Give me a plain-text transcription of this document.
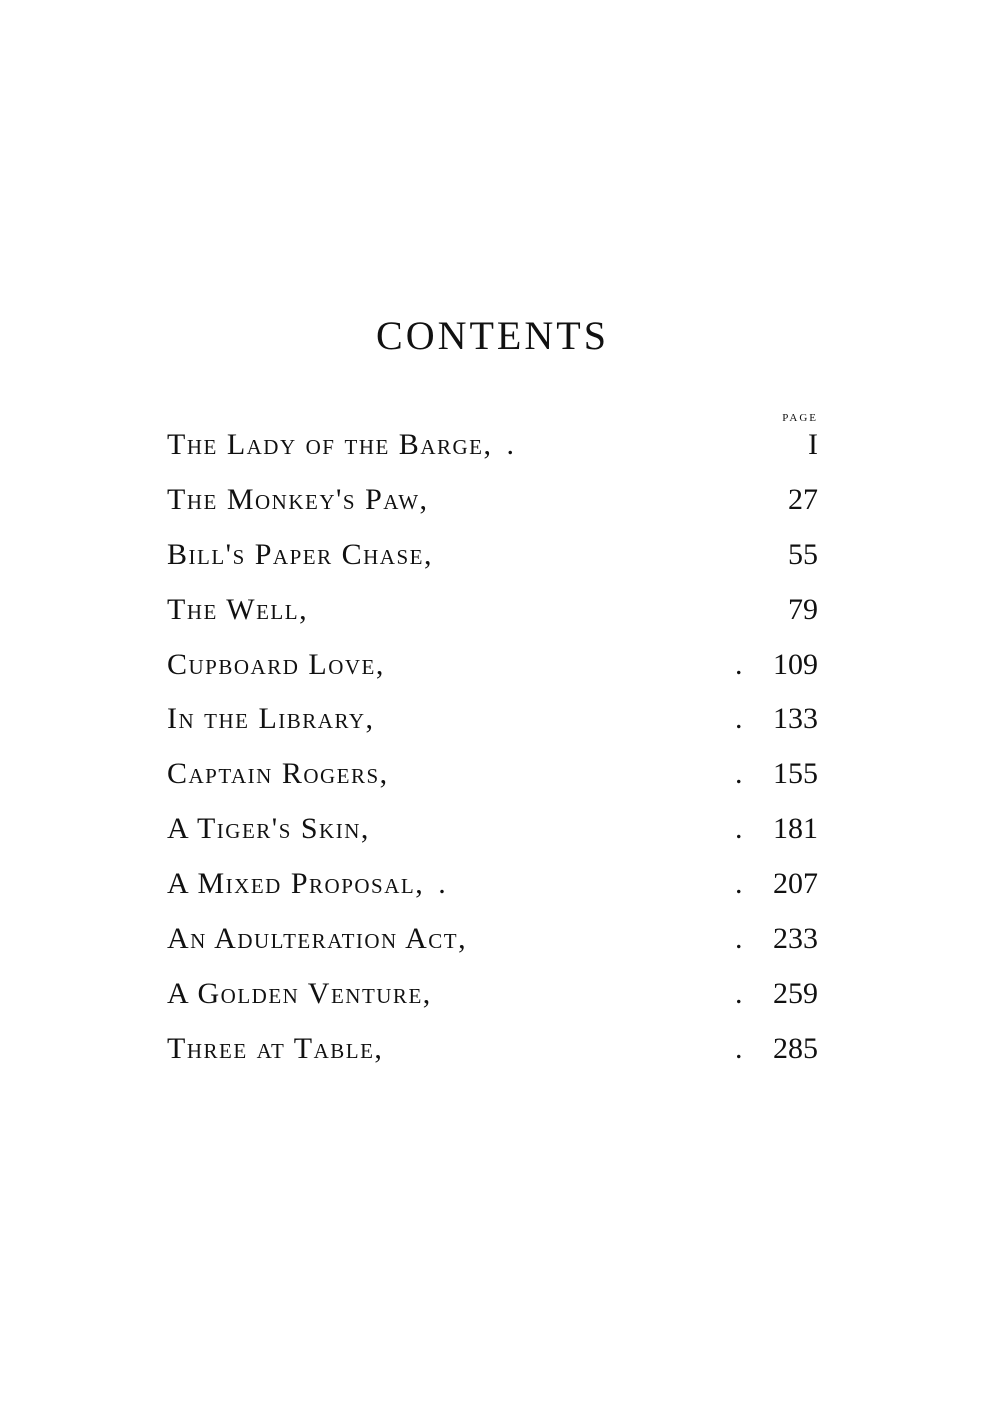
CONTENTS
PAGE
The Lady of the Barge, .	I
The Monkey's Paw,	27
Bill's Paper Chase,	55
The Well,	79
Cupboard Love,	. 109
In the Library,	. 133
Captain Rogers,	. 155
A Tiger's Skin,	. 181
A Mixed Proposal, .	. 207
An Adulteration Act,	. 233
A Golden Venture,	. 259
Three at Table,	. 285
